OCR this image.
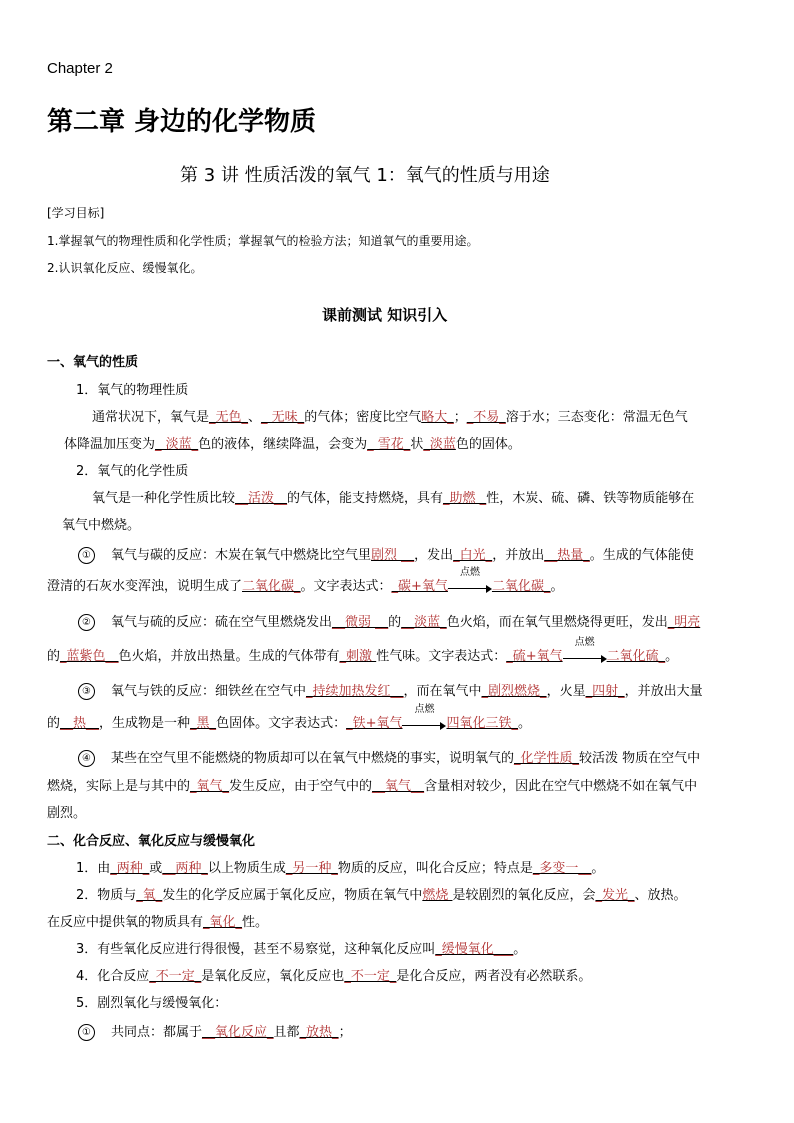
Chapter 2
第二章 身边的化学物质
第 3 讲 性质活泼的氧气 1：氧气的性质与用途
[学习目标]
1.掌握氧气的物理性质和化学性质；掌握氧气的检验方法；知道氧气的重要用途。
2.认识氧化反应、缓慢氧化。
课前测试 知识引入
一、氧气的性质
1．氧气的物理性质
通常状况下，氧气是_无色_、_ 无味_的气体；密度比空气略大_；_不易_溶于水；三态变化：常温无色气
体降温加压变为_ 淡蓝_色的液体，继续降温，会变为_ 雪花_状_淡蓝色的固体。
2．氧气的化学性质
氧气是一种化学性质比较__活泼__的气体，能支持燃烧，具有_助燃 _性，木炭、硫、磷、铁等物质能够在
氧气中燃烧。
① 氧气与碳的反应：木炭在氧气中燃烧比空气里剧烈 __，发出_白光_，并放出__热量_。生成的气体能使
澄清的石灰水变浑浊，说明生成了二氧化碳_。文字表达式：_碳+氧气
点燃
二氧化碳_。
② 氧气与硫的反应：硫在空气里燃烧发出__微弱 __的__淡蓝_色火焰，而在氧气里燃烧得更旺，发出_明亮
的_蓝紫色__色火焰，并放出热量。生成的气体带有_刺激 性气味。文字表达式：_硫+氧气
点燃
二氧化硫_。
③ 氧气与铁的反应：细铁丝在空气中_持续加热发红__，而在氧气中_剧烈燃烧_，火星_四射_，并放出大量
的__热__，生成物是一种_黑_色固体。文字表达式：_铁+氧气
点燃
四氧化三铁_。
④ 某些在空气里不能燃烧的物质却可以在氧气中燃烧的事实，说明氧气的_化学性质_较活泼 物质在空气中
燃烧，实际上是与其中的_氧气_发生反应，由于空气中的__氧气__含量相对较少，因此在空气中燃烧不如在氧气中
剧烈。
二、化合反应、氧化反应与缓慢氧化
1．由_两种_或__两种_以上物质生成_另一种_物质的反应，叫化合反应；特点是_多变一__。
2．物质与_氧_发生的化学反应属于氧化反应，物质在氧气中燃烧 是较剧烈的氧化反应，会_发光_、放热。
在反应中提供氧的物质具有_氧化_性。
3．有些氧化反应进行得很慢，甚至不易察觉，这种氧化反应叫_缓慢氧化___。
4．化合反应_不一定_是氧化反应，氧化反应也_不一定_是化合反应，两者没有必然联系。
5．剧烈氧化与缓慢氧化：
① 共同点：都属于__氧化反应_且都_放热_；
